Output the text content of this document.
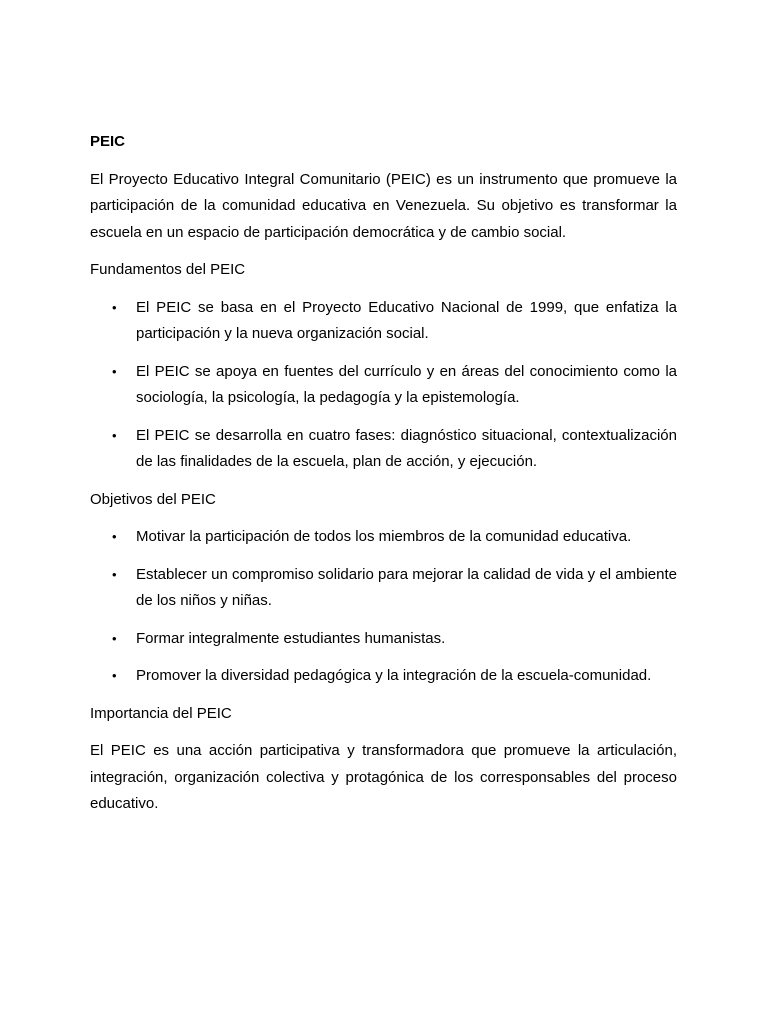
PEIC

El Proyecto Educativo Integral Comunitario (PEIC) es un instrumento que promueve la participación de la comunidad educativa en Venezuela. Su objetivo es transformar la escuela en un espacio de participación democrática y de cambio social.

Fundamentos del PEIC
• El PEIC se basa en el Proyecto Educativo Nacional de 1999, que enfatiza la participación y la nueva organización social.
• El PEIC se apoya en fuentes del currículo y en áreas del conocimiento como la sociología, la psicología, la pedagogía y la epistemología.
• El PEIC se desarrolla en cuatro fases: diagnóstico situacional, contextualización de las finalidades de la escuela, plan de acción, y ejecución.
Objetivos del PEIC
• Motivar la participación de todos los miembros de la comunidad educativa.
• Establecer un compromiso solidario para mejorar la calidad de vida y el ambiente de los niños y niñas.
• Formar integralmente estudiantes humanistas.
• Promover la diversidad pedagógica y la integración de la escuela-comunidad.
Importancia del PEIC

El PEIC es una acción participativa y transformadora que promueve la articulación, integración, organización colectiva y protagónica de los corresponsables del proceso educativo.
